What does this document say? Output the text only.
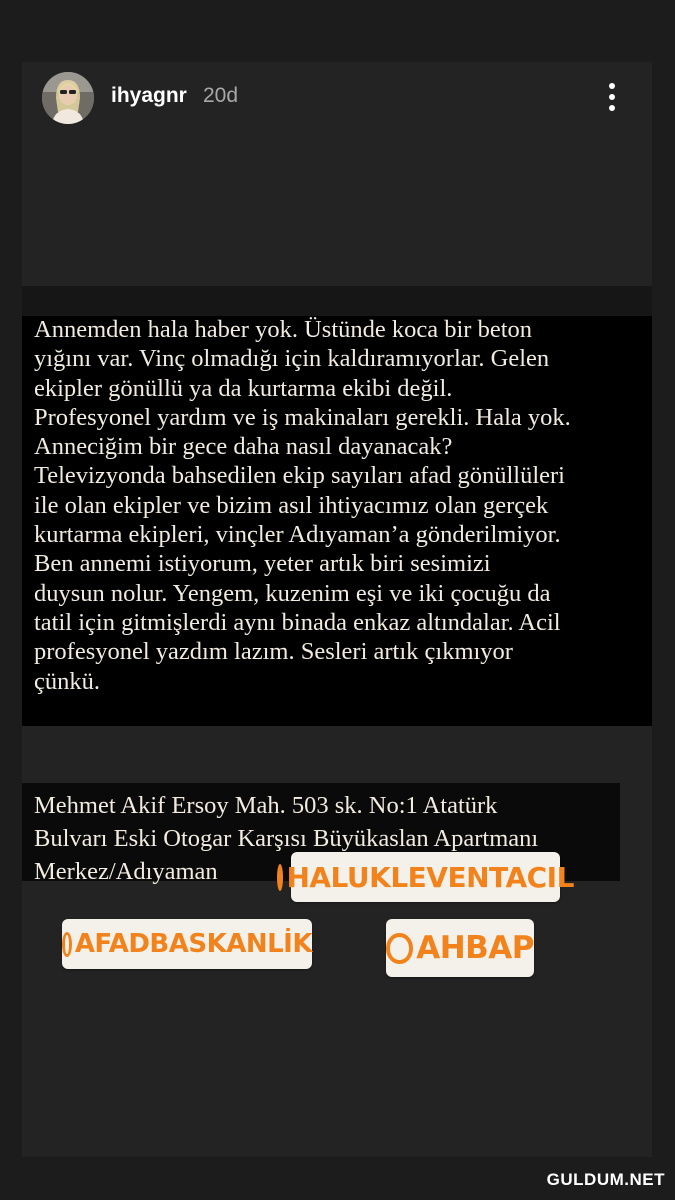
ihyagnr 20d

Annemden hala haber yok. Üstünde koca bir beton
yığını var. Vinç olmadığı için kaldıramıyorlar. Gelen
ekipler gönüllü ya da kurtarma ekibi değil.
Profesyonel yardım ve iş makinaları gerekli. Hala yok.
Anneciğim bir gece daha nasıl dayanacak?
Televizyonda bahsedilen ekip sayıları afad gönüllüleri
ile olan ekipler ve bizim asıl ihtiyacımız olan gerçek
kurtarma ekipleri, vinçler Adıyaman’a gönderilmiyor.
Ben annemi istiyorum, yeter artık biri sesimizi
duysun nolur. Yengem, kuzenim eşi ve iki çocuğu da
tatil için gitmişlerdi aynı binada enkaz altındalar. Acil
profesyonel yazdım lazım. Sesleri artık çıkmıyor
çünkü.

Mehmet Akif Ersoy Mah. 503 sk. No:1 Atatürk
Bulvarı Eski Otogar Karşısı Büyükaslan Apartmanı
Merkez/Adıyaman	HALUKLEVENTACIL
AFADBASKANLİK	AHBAP
GULDUM.NET
